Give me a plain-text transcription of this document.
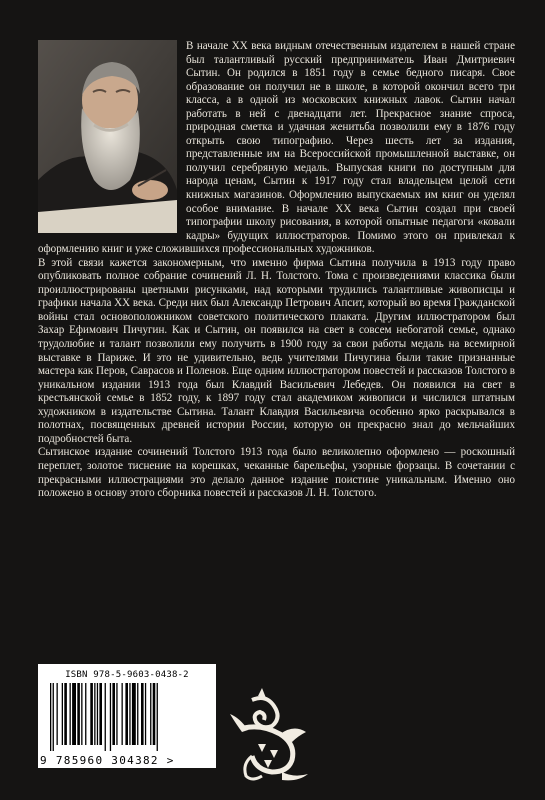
В начале XX века видным отечественным издателем в нашей стране был талантливый русский предприниматель Иван Дмитриевич Сытин. Он родился в 1851 году в семье бедного писаря. Свое образование он получил не в школе, в которой окончил всего три класса, а в одной из московских книжных лавок. Сытин начал работать в ней с двенадцати лет. Прекрасное знание спроса, природная сметка и удачная женитьба позволили ему в 1876 году открыть свою типографию. Через шесть лет за издания, представленные им на Всероссийской промышленной выставке, он получил серебряную медаль. Выпуская книги по доступным для народа ценам, Сытин к 1917 году стал владельцем целой сети книжных магазинов. Оформлению выпускаемых им книг он уделял особое внимание. В начале XX века Сытин создал при своей типографии школу рисования, в которой опытные педагоги «ковали кадры» будущих иллюстраторов. Помимо этого он привлекал к оформлению книг и уже сложившихся профессиональных художников.

В этой связи кажется закономерным, что именно фирма Сытина получила в 1913 году право опубликовать полное собрание сочинений Л. Н. Толстого. Тома с произведениями классика были проиллюстрированы цветными рисунками, над которыми трудились талантливые живописцы и графики начала XX века. Среди них был Александр Петрович Апсит, который во время Гражданской войны стал основоположником советского политического плаката. Другим иллюстратором был Захар Ефимович Пичугин. Как и Сытин, он появился на свет в совсем небогатой семье, однако трудолюбие и талант позволили ему получить в 1900 году за свои работы медаль на всемирной выставке в Париже. И это не удивительно, ведь учителями Пичугина были такие признанные мастера как Перов, Саврасов и Поленов. Еще одним иллюстратором повестей и рассказов Толстого в уникальном издании 1913 года был Клавдий Васильевич Лебедев. Он появился на свет в крестьянской семье в 1852 году, к 1897 году стал академиком живописи и числился штатным художником в издательстве Сытина. Талант Клавдия Васильевича особенно ярко раскрывался в полотнах, посвященных древней истории России, которую он прекрасно знал до мельчайших подробностей быта.

Сытинское издание сочинений Толстого 1913 года было великолепно оформлено — роскошный переплет, золотое тиснение на корешках, чеканные барельефы, узорные форзацы. В сочетании с прекрасными иллюстрациями это делало данное издание поистине уникальным. Именно оно положено в основу этого сборника повестей и рассказов Л. Н. Толстого.

ISBN 978-5-9603-0438-2
9 785960 304382 >
